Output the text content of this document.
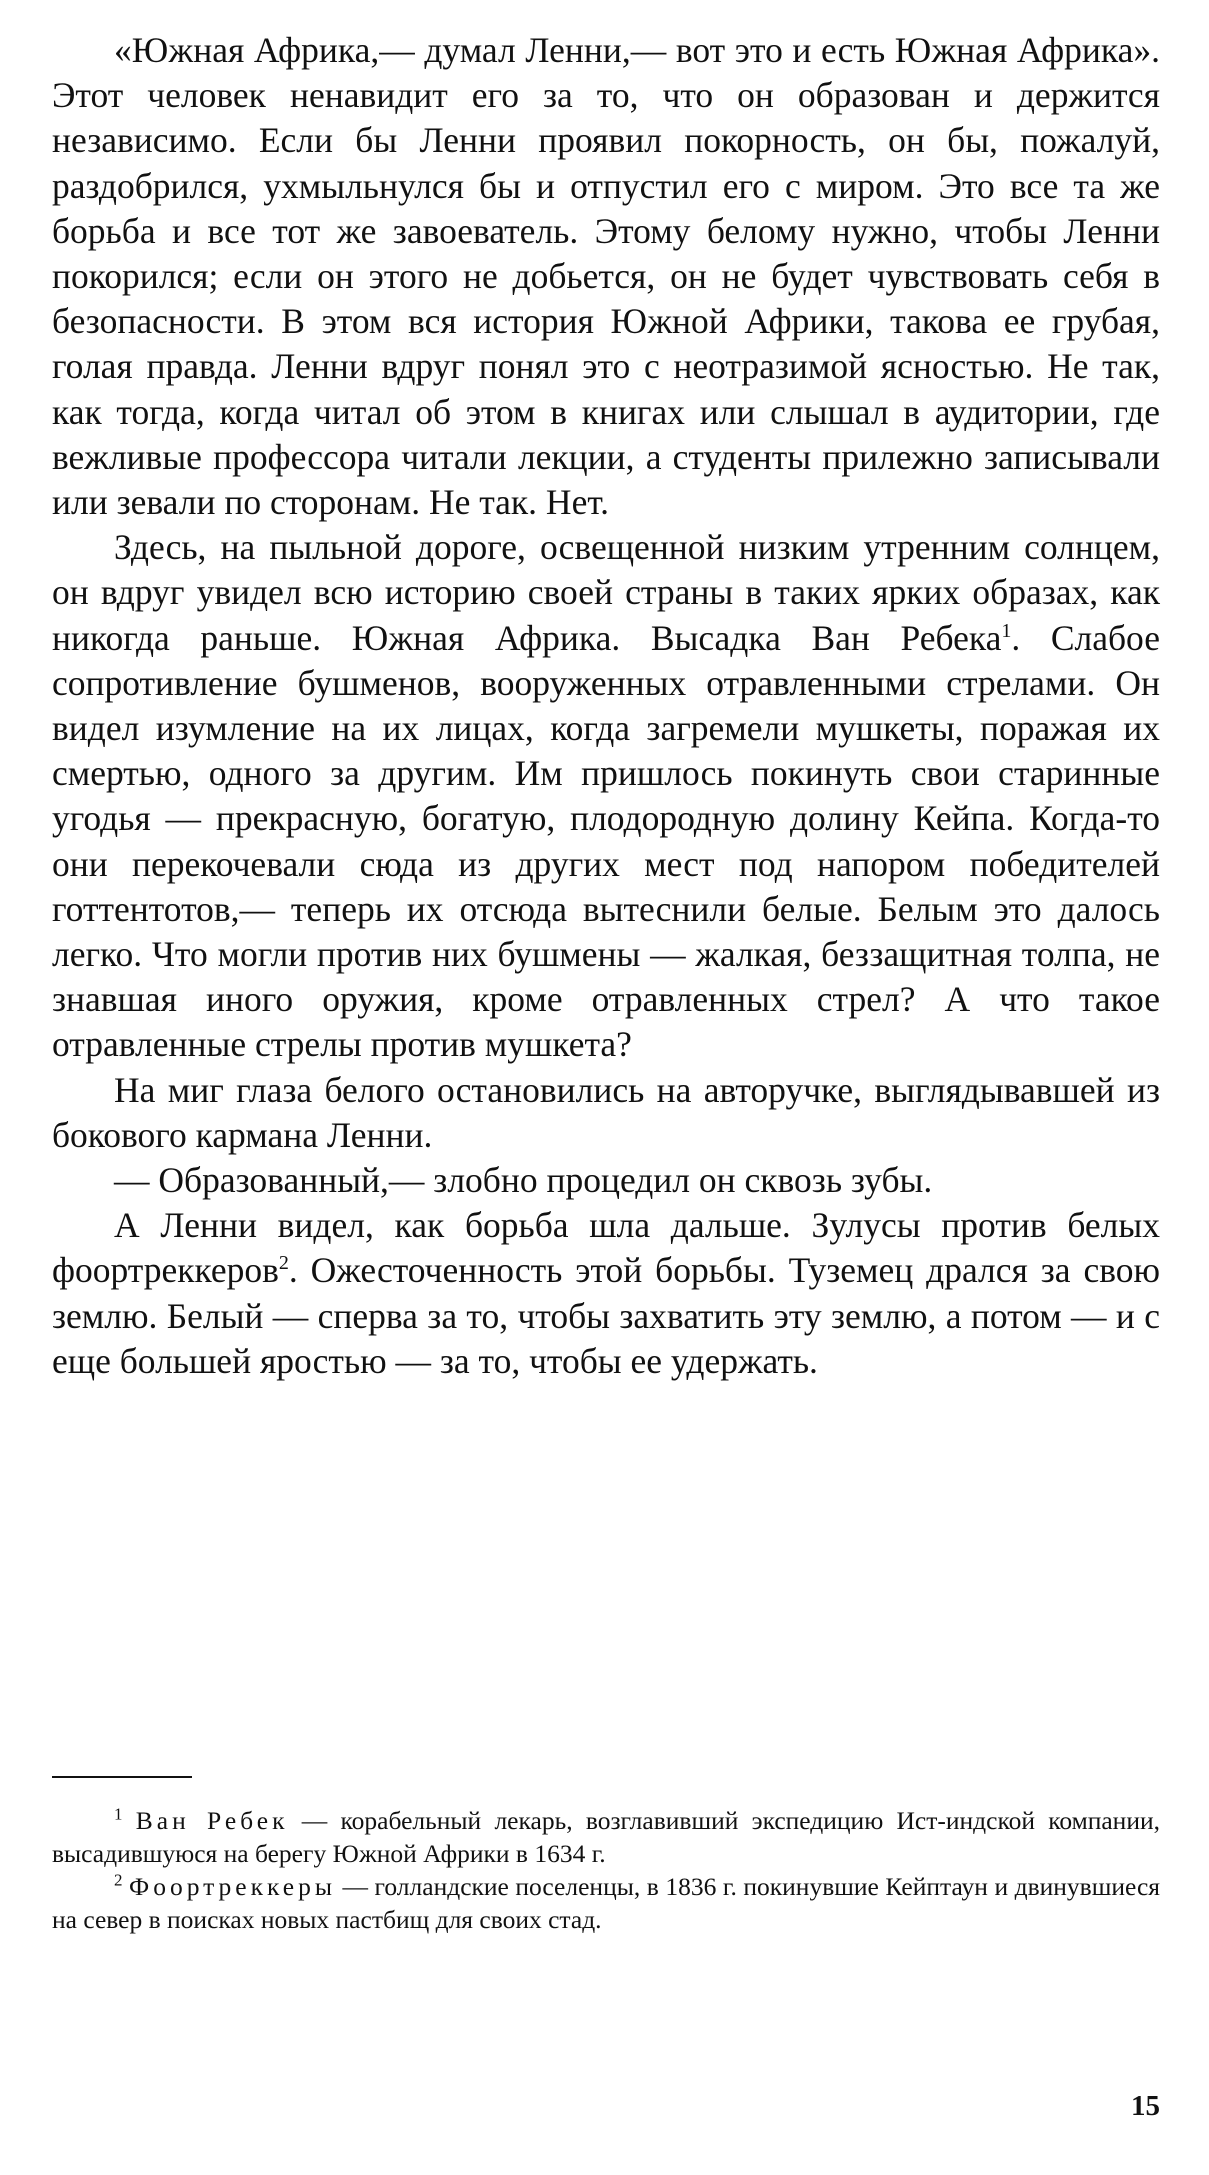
«Южная Африка,— думал Ленни,— вот это и есть Южная Африка». Этот человек ненавидит его за то, что он образован и держится независимо. Если бы Ленни проявил покорность, он бы, пожалуй, раздобрился, ухмыльнулся бы и отпустил его с миром. Это все та же борьба и все тот же завоеватель. Этому белому нужно, чтобы Ленни покорился; если он этого не добьется, он не будет чувствовать себя в безопасности. В этом вся история Южной Африки, такова ее грубая, голая правда. Ленни вдруг понял это с неотразимой ясностью. Не так, как тогда, когда читал об этом в книгах или слышал в аудитории, где вежливые профессора читали лекции, а студенты прилежно записывали или зевали по сторонам. Не так. Нет.

Здесь, на пыльной дороге, освещенной низким утренним солнцем, он вдруг увидел всю историю своей страны в таких ярких образах, как никогда раньше. Южная Африка. Высадка Ван Ребека$^1$. Слабое сопротивление бушменов, вооруженных отравленными стрелами. Он видел изумление на их лицах, когда загремели мушкеты, поражая их смертью, одного за другим. Им пришлось покинуть свои старинные угодья — прекрасную, богатую, плодородную долину Кейпа. Когда-то они перекочевали сюда из других мест под напором победителей готтентотов,— теперь их отсюда вытеснили белые. Белым это далось легко. Что могли против них бушмены — жалкая, беззащитная толпа, не знавшая иного оружия, кроме отравленных стрел? А что такое отравленные стрелы против мушкета?

На миг глаза белого остановились на авторучке, выглядывавшей из бокового кармана Ленни.

— Образованный,— злобно процедил он сквозь зубы.

А Ленни видел, как борьба шла дальше. Зулусы против белых фоортреккеров$^2$. Ожесточенность этой борьбы. Туземец дрался за свою землю. Белый — сперва за то, чтобы захватить эту землю, а потом — и с еще большей яростью — за то, чтобы ее удержать.

$^1$ Ван Ребек — корабельный лекарь, возглавивший экспедицию Ист-индской компании, высадившуюся на берегу Южной Африки в 1634 г.

$^2$ Фоортреккеры — голландские поселенцы, в 1836 г. покинувшие Кейптаун и двинувшиеся на север в поисках новых пастбищ для своих стад.

15
